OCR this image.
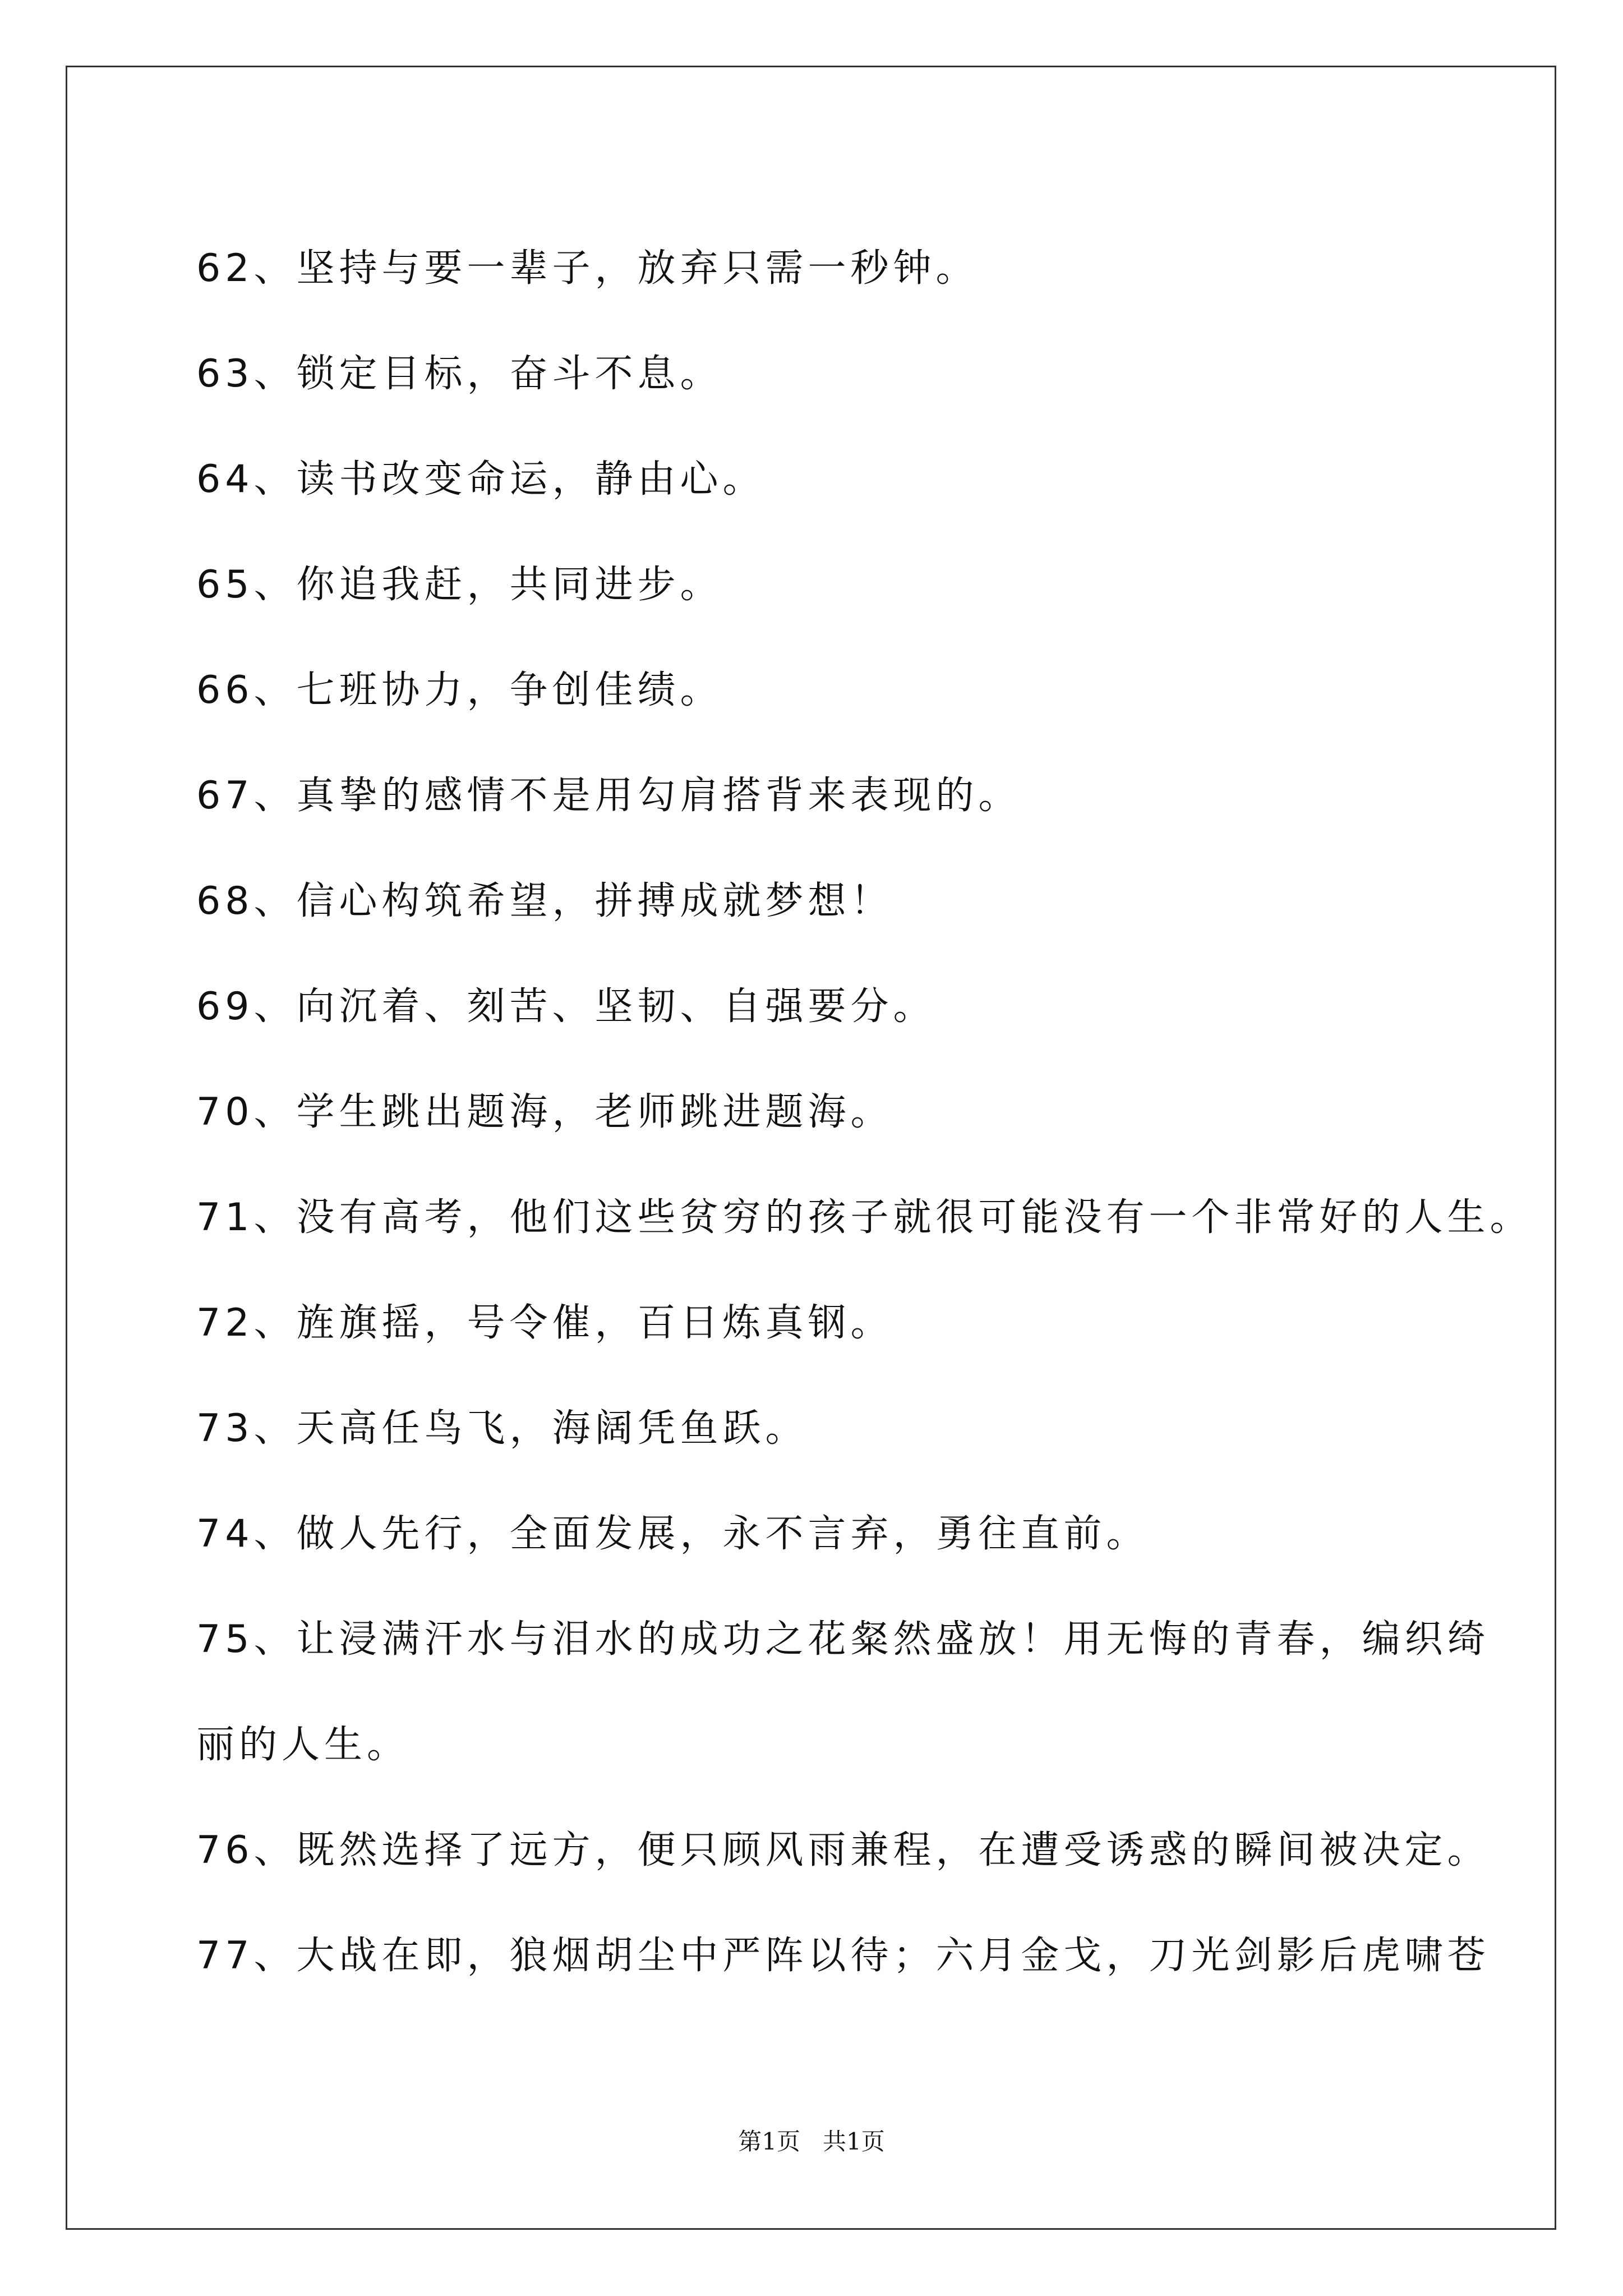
62、坚持与要一辈子，放弃只需一秒钟。
63、锁定目标，奋斗不息。
64、读书改变命运，静由心。
65、你追我赶，共同进步。
66、七班协力，争创佳绩。
67、真挚的感情不是用勾肩搭背来表现的。
68、信心构筑希望，拼搏成就梦想！
69、向沉着、刻苦、坚韧、自强要分。
70、学生跳出题海，老师跳进题海。
71、没有高考，他们这些贫穷的孩子就很可能没有一个非常好的人生。
72、旌旗摇，号令催，百日炼真钢。
73、天高任鸟飞，海阔凭鱼跃。
74、做人先行，全面发展，永不言弃，勇往直前。
75、让浸满汗水与泪水的成功之花粲然盛放！用无悔的青春，编织绮
丽的人生。
76、既然选择了远方，便只顾风雨兼程，在遭受诱惑的瞬间被决定。
77、大战在即，狼烟胡尘中严阵以待；六月金戈，刀光剑影后虎啸苍
第1页 共1页
